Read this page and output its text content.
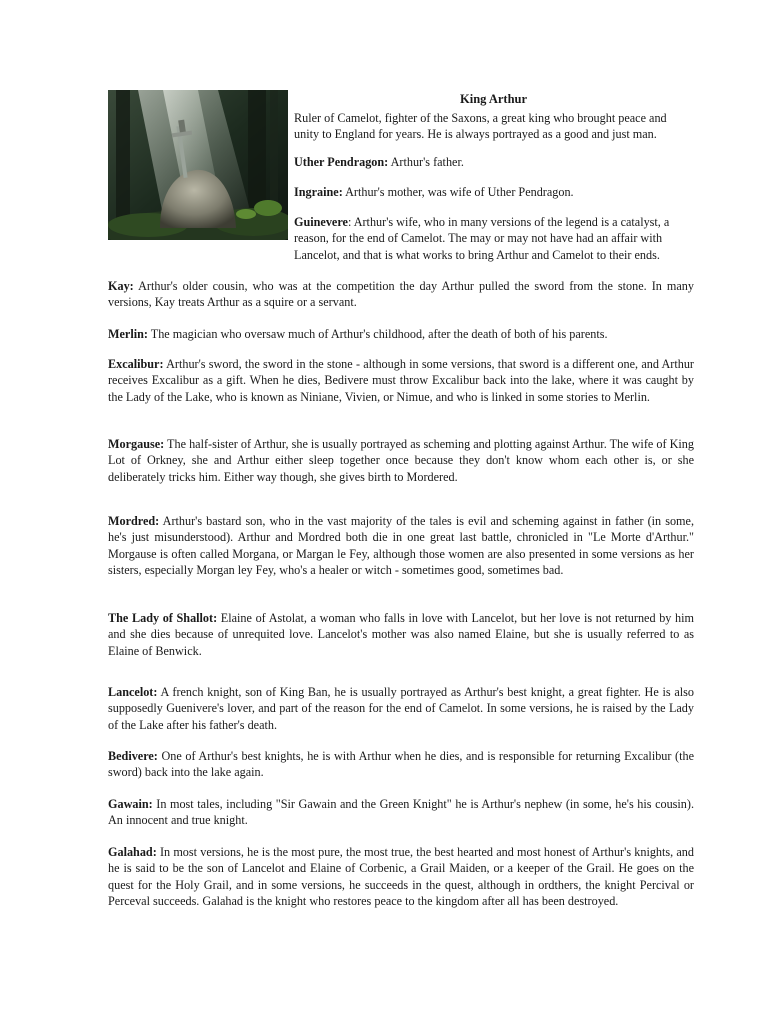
King Arthur

Ruler of Camelot, fighter of the Saxons, a great king who brought peace and unity to England for years. He is always portrayed as a good and just man.

Uther Pendragon: Arthur's father.

Ingraine: Arthur's mother, was wife of Uther Pendragon.

Guinevere: Arthur's wife, who in many versions of the legend is a catalyst, a reason, for the end of Camelot. The may or may not have had an affair with Lancelot, and that is what works to bring Arthur and Camelot to their ends.

Kay: Arthur's older cousin, who was at the competition the day Arthur pulled the sword from the stone. In many versions, Kay treats Arthur as a squire or a servant.

Merlin: The magician who oversaw much of Arthur's childhood, after the death of both of his parents.

Excalibur: Arthur's sword, the sword in the stone - although in some versions, that sword is a different one, and Arthur receives Excalibur as a gift. When he dies, Bedivere must throw Excalibur back into the lake, where it was caught by the Lady of the Lake, who is known as Niniane, Vivien, or Nimue, and who is linked in some stories to Merlin.

Morgause: The half-sister of Arthur, she is usually portrayed as scheming and plotting against Arthur. The wife of King Lot of Orkney, she and Arthur either sleep together once because they don't know whom each other is, or she deliberately tricks him. Either way though, she gives birth to Mordered.

Mordred: Arthur's bastard son, who in the vast majority of the tales is evil and scheming against in father (in some, he's just misunderstood). Arthur and Mordred both die in one great last battle, chronicled in "Le Morte d'Arthur." Morgause is often called Morgana, or Margan le Fey, although those women are also presented in some versions as her sisters, especially Morgan ley Fey, who's a healer or witch - sometimes good, sometimes bad.

The Lady of Shallot: Elaine of Astolat, a woman who falls in love with Lancelot, but her love is not returned by him and she dies because of unrequited love. Lancelot's mother was also named Elaine, but she is usually referred to as Elaine of Benwick.

Lancelot: A french knight, son of King Ban, he is usually portrayed as Arthur's best knight, a great fighter. He is also supposedly Guenivere's lover, and part of the reason for the end of Camelot. In some versions, he is raised by the Lady of the Lake after his father's death.

Bedivere: One of Arthur's best knights, he is with Arthur when he dies, and is responsible for returning Excalibur (the sword) back into the lake again.

Gawain: In most tales, including "Sir Gawain and the Green Knight" he is Arthur's nephew (in some, he's his cousin). An innocent and true knight.

Galahad: In most versions, he is the most pure, the most true, the best hearted and most honest of Arthur's knights, and he is said to be the son of Lancelot and Elaine of Corbenic, a Grail Maiden, or a keeper of the Grail. He goes on the quest for the Holy Grail, and in some versions, he succeeds in the quest, although in ordthers, the knight Percival or Perceval succeeds. Galahad is the knight who restores peace to the kingdom after all has been destroyed.
